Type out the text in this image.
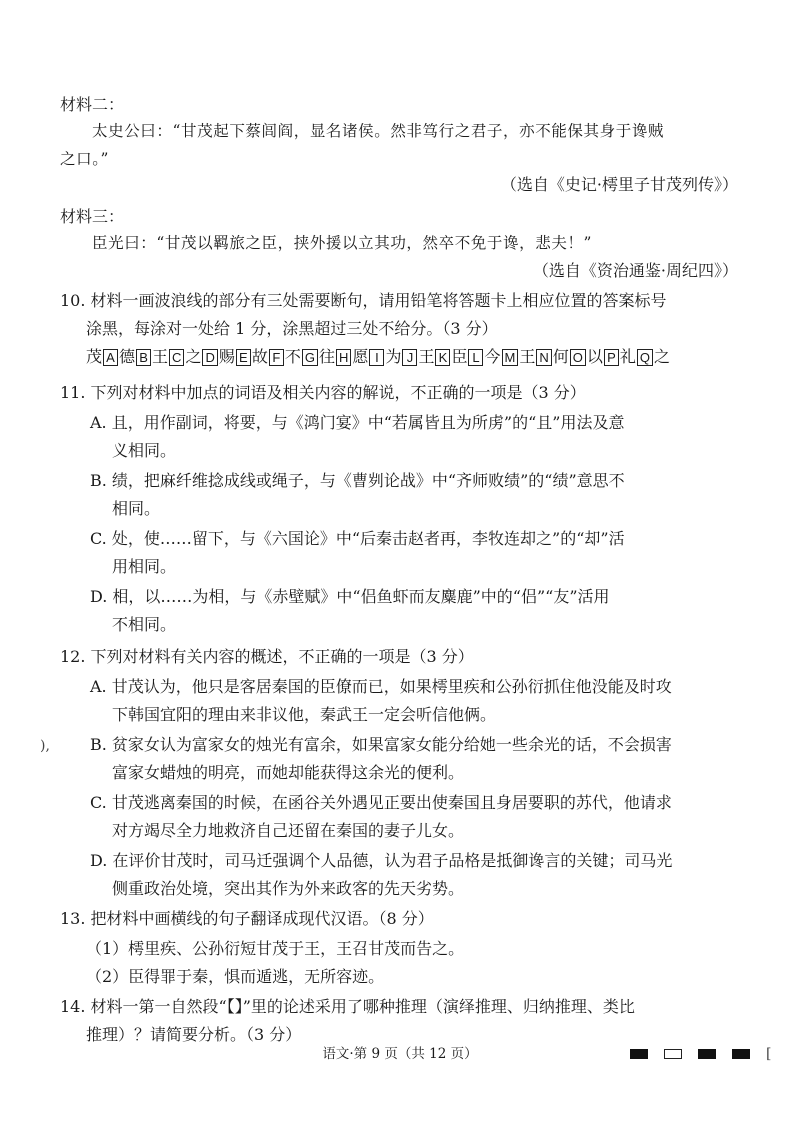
材料二：
太史公曰：“甘茂起下蔡闾阎，显名诸侯。然非笃行之君子，亦不能保其身于谗贼
之口。”
（选自《史记·樗里子甘茂列传》）
材料三：
臣光曰：“甘茂以羁旅之臣，挟外援以立其功，然卒不免于谗，悲夫！”
（选自《资治通鉴·周纪四》）
10. 材料一画波浪线的部分有三处需要断句，请用铅笔将答题卡上相应位置的答案标号
涂黑，每涂对一处给 1 分，涂黑超过三处不给分。（3 分）
茂 A 德 B 王 C 之 D 赐 E 故 F 不 G 往 H 愿 I 为 J 王 K 臣 L 今 M 王 N 何 O 以 P 礼 Q 之
11. 下列对材料中加点的词语及相关内容的解说，不正确的一项是（3 分）
A. 且，用作副词，将要，与《鸿门宴》中“若属皆且为所虏”的“且”用法及意
义相同。
B. 绩，把麻纤维捻成线或绳子，与《曹刿论战》中“齐师败绩”的“绩”意思不
相同。
C. 处，使……留下，与《六国论》中“后秦击赵者再，李牧连却之”的“却”活
用相同。
D. 相，以……为相，与《赤壁赋》中“侣鱼虾而友麋鹿”中的“侣”“友”活用
不相同。
12. 下列对材料有关内容的概述，不正确的一项是（3 分）
A. 甘茂认为，他只是客居秦国的臣僚而已，如果樗里疾和公孙衍抓住他没能及时攻
下韩国宜阳的理由来非议他，秦武王一定会听信他俩。
),	B. 贫家女认为富家女的烛光有富余，如果富家女能分给她一些余光的话，不会损害
富家女蜡烛的明亮，而她却能获得这余光的便利。
C. 甘茂逃离秦国的时候，在函谷关外遇见正要出使秦国且身居要职的苏代，他请求
对方竭尽全力地救济自己还留在秦国的妻子儿女。
D. 在评价甘茂时，司马迁强调个人品德，认为君子品格是抵御谗言的关键；司马光
侧重政治处境，突出其作为外来政客的先天劣势。
13. 把材料中画横线的句子翻译成现代汉语。（8 分）
（1）樗里疾、公孙衍短甘茂于王，王召甘茂而告之。
（2）臣得罪于秦，惧而遁逃，无所容迹。
14. 材料一第一自然段“【】”里的论述采用了哪种推理（演绎推理、归纳推理、类比
推理）？请简要分析。（3 分）
语文·第 9 页（共 12 页）	[
